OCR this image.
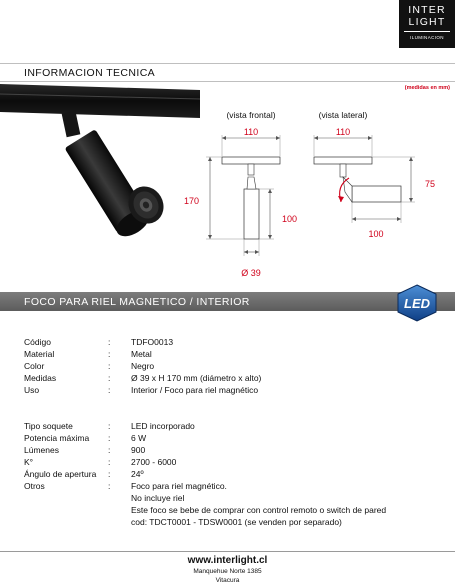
INTER
LIGHT
ILUMINACION
INFORMACION TECNICA
(medidas en mm)
(vista frontal)	(vista lateral)
110
170
100
Ø 39
110
75
100
FOCO PARA RIEL MAGNETICO / INTERIOR	LED
Código	: TDFO0013
Material	: Metal
Color	: Negro
Medidas	: Ø 39 x H 170 mm (diámetro x alto)
Uso	: Interior / Foco para riel magnético
Tipo soquete	: LED incorporado
Potencia máxima	: 6 W
Lúmenes	: 900
K°	: 2700 - 6000
Ángulo de apertura	: 24º
Otros	: Foco para riel magnético.
No incluye riel
Este foco se bebe de comprar con control remoto o switch de pared
cod: TDCT0001 - TDSW0001 (se venden por separado)
www.interlight.cl
Manquehue Norte 1385
Vitacura
